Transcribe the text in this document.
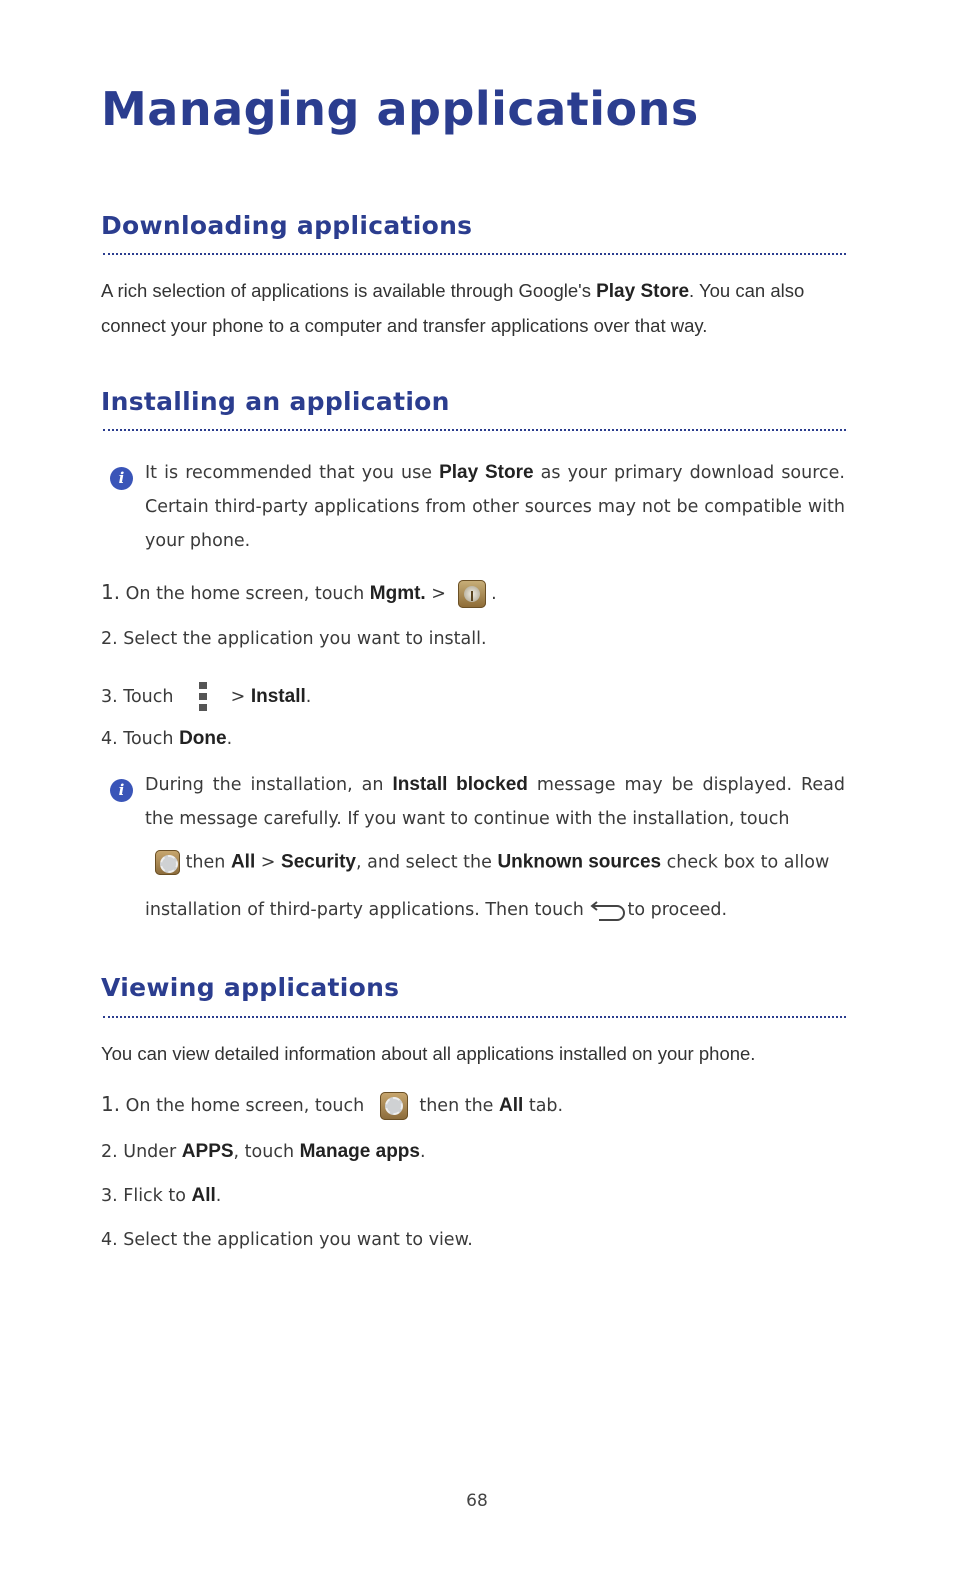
Managing applications
Downloading applications
A rich selection of applications is available through Google's Play Store. You can also connect your phone to a computer and transfer applications over that way.
Installing an application
i	It is recommended that you use Play Store as your primary download source. Certain third-party applications from other sources may not be compatible with your phone.
1. On the home screen, touch Mgmt. >  .
2. Select the application you want to install.
3. Touch	> Install.
4. Touch Done.
i	During the installation, an Install blocked message may be displayed. Read the message carefully. If you want to continue with the installation, touch
then All > Security, and select the Unknown sources check box to allow
installation of third-party applications. Then touch to proceed.
Viewing applications
You can view detailed information about all applications installed on your phone.
1. On the home screen, touch	then the All tab.
2. Under APPS, touch Manage apps.
3. Flick to All.
4. Select the application you want to view.
68
